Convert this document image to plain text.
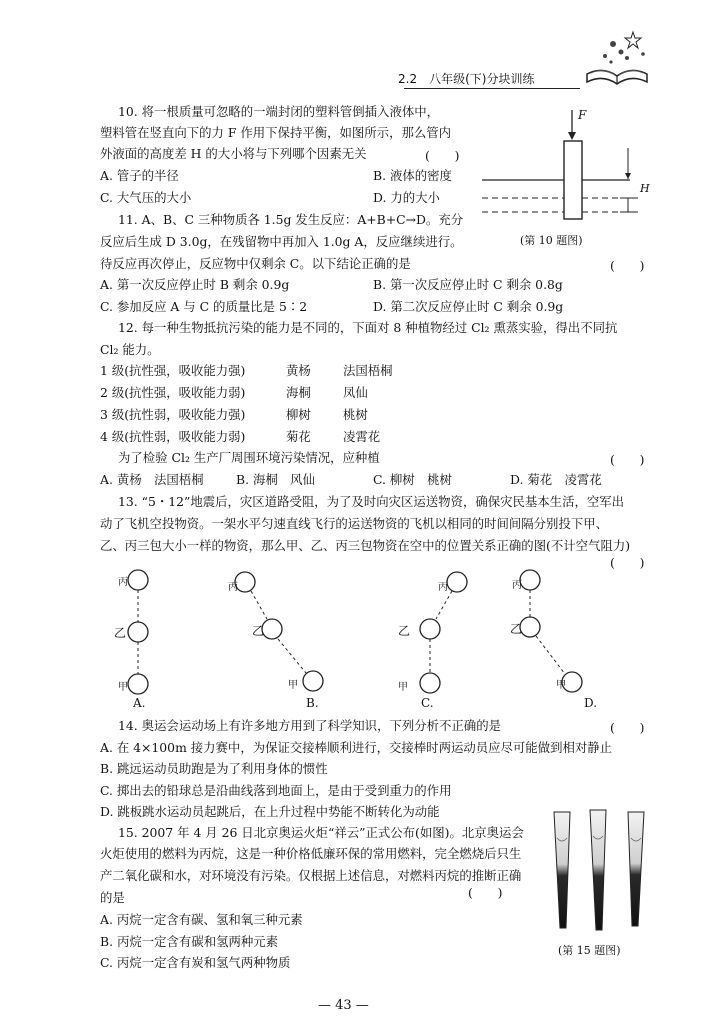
2.2　八年级(下)分块训练
10. 将一根质量可忽略的一端封闭的塑料管倒插入液体中，
塑料管在竖直向下的力 F 作用下保持平衡，如图所示，那么管内
外液面的高度差 H 的大小将与下列哪个因素无关	(　　)
A. 管子的半径	B. 液体的密度
C. 大气压的大小	D. 力的大小
F
H
(第 10 题图)
11. A、B、C 三种物质各 1.5g 发生反应：A+B+C→D。充分
反应后生成 D 3.0g，在残留物中再加入 1.0g A，反应继续进行。
待反应再次停止，反应物中仅剩余 C。以下结论正确的是	(　　)
A. 第一次反应停止时 B 剩余 0.9g	B. 第一次反应停止时 C 剩余 0.8g
C. 参加反应 A 与 C 的质量比是 5∶2	D. 第二次反应停止时 C 剩余 0.9g
12. 每一种生物抵抗污染的能力是不同的，下面对 8 种植物经过 Cl₂ 熏蒸实验，得出不同抗
Cl₂ 能力。
1 级(抗性强，吸收能力强)	黄杨	法国梧桐
2 级(抗性强，吸收能力弱)	海桐	凤仙
3 级(抗性弱，吸收能力强)	柳树	桃树
4 级(抗性弱，吸收能力弱)	菊花	凌霄花
为了检验 Cl₂ 生产厂周围环境污染情况，应种植	(　　)
A. 黄杨　法国梧桐	B. 海桐　风仙	C. 柳树　桃树	D. 菊花　凌霄花
13. “5・12”地震后，灾区道路受阻，为了及时向灾区运送物资，确保灾民基本生活，空军出
动了飞机空投物资。一架水平匀速直线飞行的运送物资的飞机以相同的时间间隔分别投下甲、
乙、丙三包大小一样的物资，那么甲、乙、丙三包物资在空中的位置关系正确的图(不计空气阻力)
(　　)
丙
乙
甲
A.
丙
乙
甲
B.
丙
乙
甲
C.
丙
乙
甲
D.
14. 奥运会运动场上有许多地方用到了科学知识，下列分析不正确的是	(　　)
A. 在 4×100m 接力赛中，为保证交接棒顺利进行，交接棒时两运动员应尽可能做到相对静止
B. 跳远运动员助跑是为了利用身体的惯性
C. 掷出去的铅球总是沿曲线落到地面上，是由于受到重力的作用
D. 跳板跳水运动员起跳后，在上升过程中势能不断转化为动能
15. 2007 年 4 月 26 日北京奥运火炬“祥云”正式公布(如图)。北京奥运会
火炬使用的燃料为丙烷，这是一种价格低廉环保的常用燃料，完全燃烧后只生
产二氧化碳和水，对环境没有污染。仅根据上述信息，对燃料丙烷的推断正确
的是	(　　)
A. 丙烷一定含有碳、氢和氧三种元素
B. 丙烷一定含有碳和氢两种元素
C. 丙烷一定含有炭和氢气两种物质
(第 15 题图)
— 43 —
